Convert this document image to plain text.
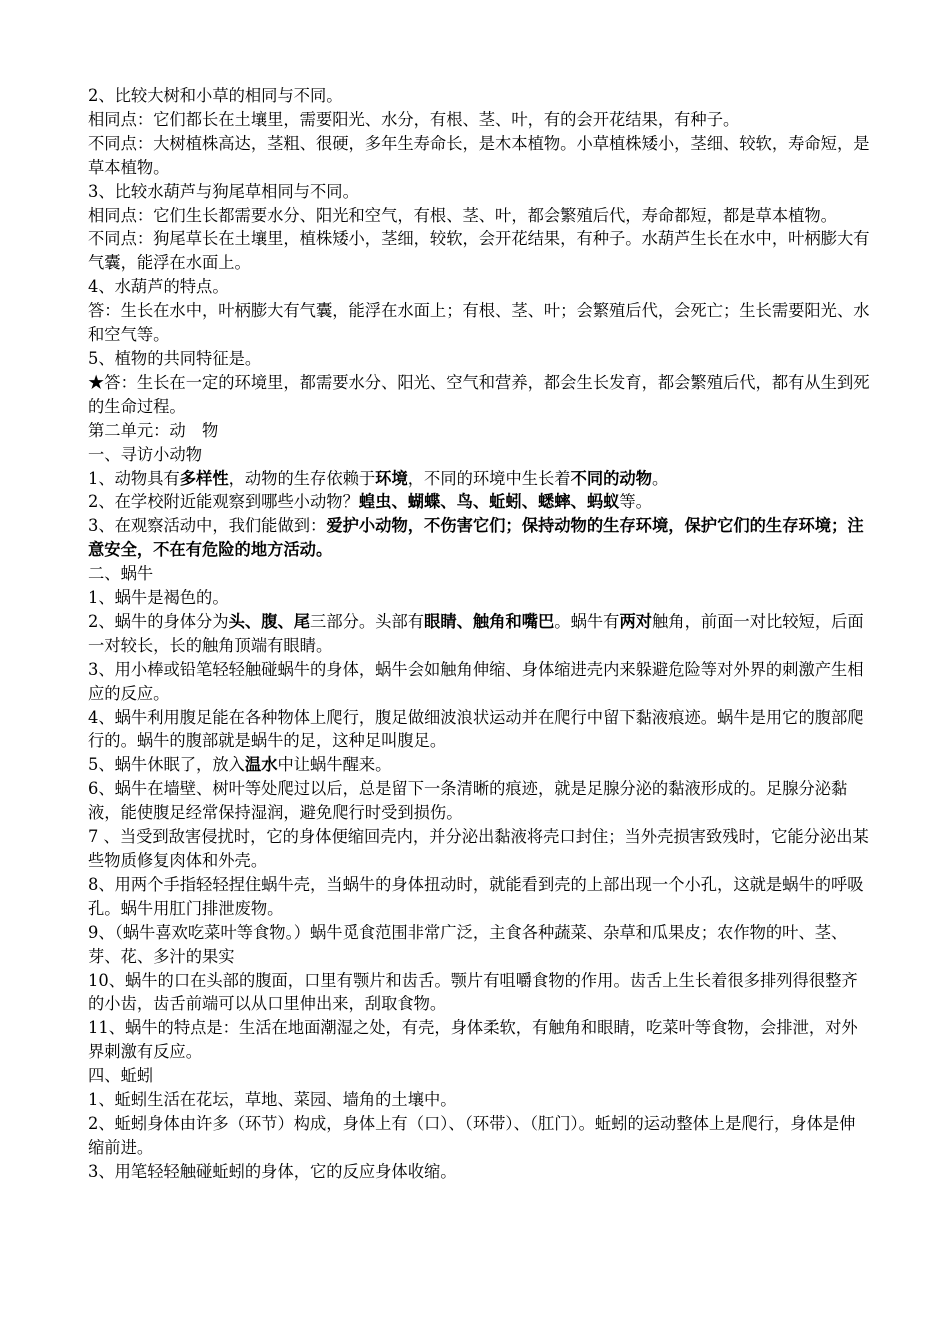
2、比较大树和小草的相同与不同。

相同点：它们都长在土壤里，需要阳光、水分，有根、茎、叶，有的会开花结果，有种子。

不同点：大树植株高达，茎粗、很硬，多年生寿命长，是木本植物。小草植株矮小，茎细、较软，寿命短，是草本植物。

3、比较水葫芦与狗尾草相同与不同。

相同点：它们生长都需要水分、阳光和空气，有根、茎、叶，都会繁殖后代，寿命都短，都是草本植物。

不同点：狗尾草长在土壤里，植株矮小，茎细，较软，会开花结果，有种子。水葫芦生长在水中，叶柄膨大有气囊，能浮在水面上。

4、水葫芦的特点。

答：生长在水中，叶柄膨大有气囊，能浮在水面上；有根、茎、叶；会繁殖后代，会死亡；生长需要阳光、水和空气等。

5、植物的共同特征是。

★答：生长在一定的环境里，都需要水分、阳光、空气和营养，都会生长发育，都会繁殖后代，都有从生到死的生命过程。

第二单元：动　物

一、寻访小动物

1、动物具有多样性，动物的生存依赖于环境，不同的环境中生长着不同的动物。

2、在学校附近能观察到哪些小动物？蝗虫、蝴蝶、鸟、蚯蚓、蟋蟀、蚂蚁等。

3、在观察活动中，我们能做到：爱护小动物，不伤害它们；保持动物的生存环境，保护它们的生存环境；注意安全，不在有危险的地方活动。

二、蜗牛

1、蜗牛是褐色的。

2、蜗牛的身体分为头、腹、尾三部分。头部有眼睛、触角和嘴巴。蜗牛有两对触角，前面一对比较短，后面一对较长，长的触角顶端有眼睛。

3、用小棒或铅笔轻轻触碰蜗牛的身体，蜗牛会如触角伸缩、身体缩进壳内来躲避危险等对外界的刺激产生相应的反应。

4、蜗牛利用腹足能在各种物体上爬行，腹足做细波浪状运动并在爬行中留下黏液痕迹。蜗牛是用它的腹部爬行的。蜗牛的腹部就是蜗牛的足，这种足叫腹足。

5、蜗牛休眠了，放入温水中让蜗牛醒来。

6、蜗牛在墙壁、树叶等处爬过以后，总是留下一条清晰的痕迹，就是足腺分泌的黏液形成的。足腺分泌黏液，能使腹足经常保持湿润，避免爬行时受到损伤。

7 、当受到敌害侵扰时，它的身体便缩回壳内，并分泌出黏液将壳口封住；当外壳损害致残时，它能分泌出某些物质修复肉体和外壳。

8、用两个手指轻轻捏住蜗牛壳，当蜗牛的身体扭动时，就能看到壳的上部出现一个小孔，这就是蜗牛的呼吸孔。蜗牛用肛门排泄废物。

9、（蜗牛喜欢吃菜叶等食物。）蜗牛觅食范围非常广泛，主食各种蔬菜、杂草和瓜果皮；农作物的叶、茎、芽、花、多汁的果实

10、蜗牛的口在头部的腹面，口里有颚片和齿舌。颚片有咀嚼食物的作用。齿舌上生长着很多排列得很整齐的小齿，齿舌前端可以从口里伸出来，刮取食物。

11、蜗牛的特点是：生活在地面潮湿之处，有壳，身体柔软，有触角和眼睛，吃菜叶等食物，会排泄，对外界刺激有反应。

四、蚯蚓

1、蚯蚓生活在花坛，草地、菜园、墙角的土壤中。

2、蚯蚓身体由许多（环节）构成，身体上有（口）、（环带）、（肛门）。蚯蚓的运动整体上是爬行，身体是伸缩前进。

3、用笔轻轻触碰蚯蚓的身体，它的反应身体收缩。
